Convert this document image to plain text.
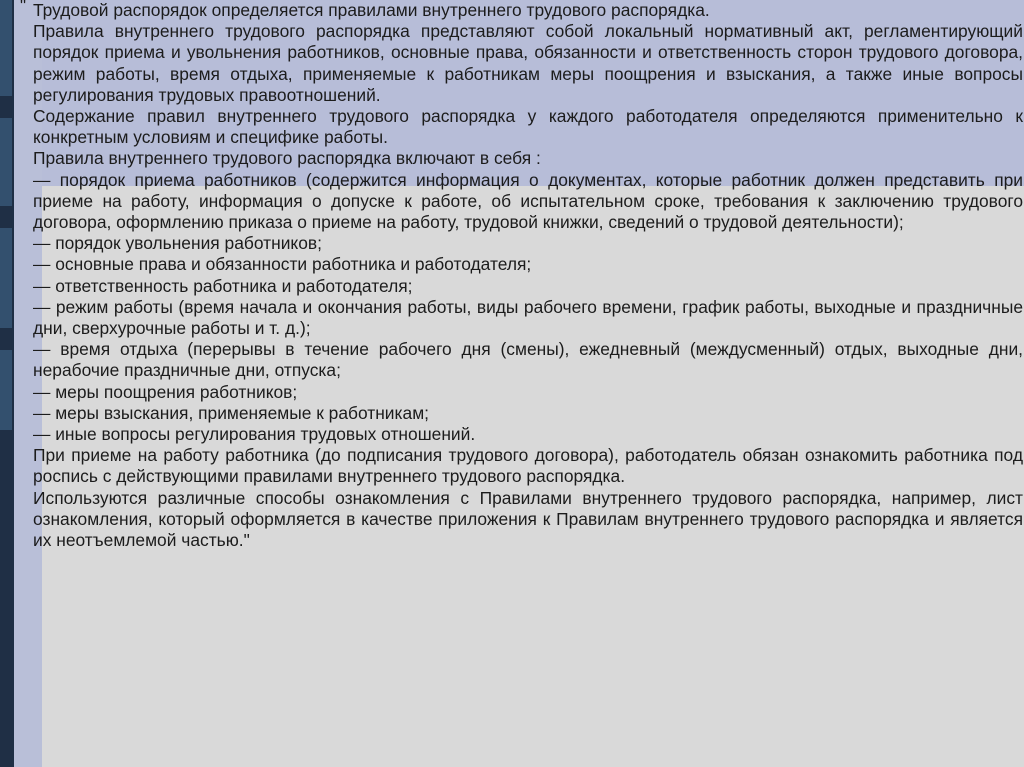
" Трудовой распорядок определяется правилами внутреннего трудового распорядка.

Правила внутреннего трудового распорядка представляют собой локальный нормативный акт, регламентирующий порядок приема и увольнения работников, основные права, обязанности и ответственность сторон трудового договора, режим работы, время отдыха, применяемые к работникам меры поощрения и взыскания, а также иные вопросы регулирования трудовых правоотношений.

Содержание правил внутреннего трудового распорядка у каждого работодателя определяются применительно к конкретным условиям и специфике работы.

Правила внутреннего трудового распорядка включают в себя :

— порядок приема работников (содержится информация о документах, которые работник должен представить при приеме на работу, информация о допуске к работе, об испытательном сроке, требования к заключению трудового договора, оформлению приказа о приеме на работу, трудовой книжки, сведений о трудовой деятельности);

— порядок увольнения работников;

— основные права и обязанности работника и работодателя;

— ответственность работника и работодателя;

— режим работы (время начала и окончания работы, виды рабочего времени, график работы, выходные и праздничные дни, сверхурочные работы и т. д.);

— время отдыха (перерывы в течение рабочего дня (смены), ежедневный (междусменный) отдых, выходные дни, нерабочие праздничные дни, отпуска;

— меры поощрения работников;

— меры взыскания, применяемые к работникам;

— иные вопросы регулирования трудовых отношений.

При приеме на работу работника (до подписания трудового договора), работодатель обязан ознакомить работника под роспись с действующими правилами внутреннего трудового распорядка.

Используются различные способы ознакомления с Правилами внутреннего трудового распорядка, например, лист ознакомления, который оформляется в качестве приложения к Правилам внутреннего трудового распорядка и является их неотъемлемой частью."
